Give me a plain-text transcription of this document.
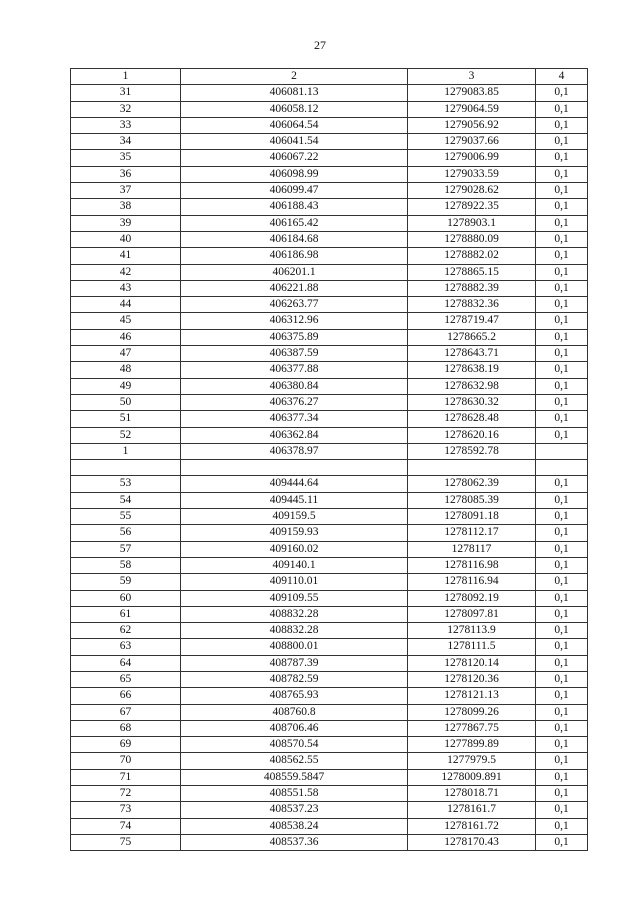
27
1	2	3	4
31	406081.13	1279083.85	0,1
32	406058.12	1279064.59	0,1
33	406064.54	1279056.92	0,1
34	406041.54	1279037.66	0,1
35	406067.22	1279006.99	0,1
36	406098.99	1279033.59	0,1
37	406099.47	1279028.62	0,1
38	406188.43	1278922.35	0,1
39	406165.42	1278903.1	0,1
40	406184.68	1278880.09	0,1
41	406186.98	1278882.02	0,1
42	406201.1	1278865.15	0,1
43	406221.88	1278882.39	0,1
44	406263.77	1278832.36	0,1
45	406312.96	1278719.47	0,1
46	406375.89	1278665.2	0,1
47	406387.59	1278643.71	0,1
48	406377.88	1278638.19	0,1
49	406380.84	1278632.98	0,1
50	406376.27	1278630.32	0,1
51	406377.34	1278628.48	0,1
52	406362.84	1278620.16	0,1
1	406378.97	1278592.78	

53	409444.64	1278062.39	0,1
54	409445.11	1278085.39	0,1
55	409159.5	1278091.18	0,1
56	409159.93	1278112.17	0,1
57	409160.02	1278117	0,1
58	409140.1	1278116.98	0,1
59	409110.01	1278116.94	0,1
60	409109.55	1278092.19	0,1
61	408832.28	1278097.81	0,1
62	408832.28	1278113.9	0,1
63	408800.01	1278111.5	0,1
64	408787.39	1278120.14	0,1
65	408782.59	1278120.36	0,1
66	408765.93	1278121.13	0,1
67	408760.8	1278099.26	0,1
68	408706.46	1277867.75	0,1
69	408570.54	1277899.89	0,1
70	408562.55	1277979.5	0,1
71	408559.5847	1278009.891	0,1
72	408551.58	1278018.71	0,1
73	408537.23	1278161.7	0,1
74	408538.24	1278161.72	0,1
75	408537.36	1278170.43	0,1
